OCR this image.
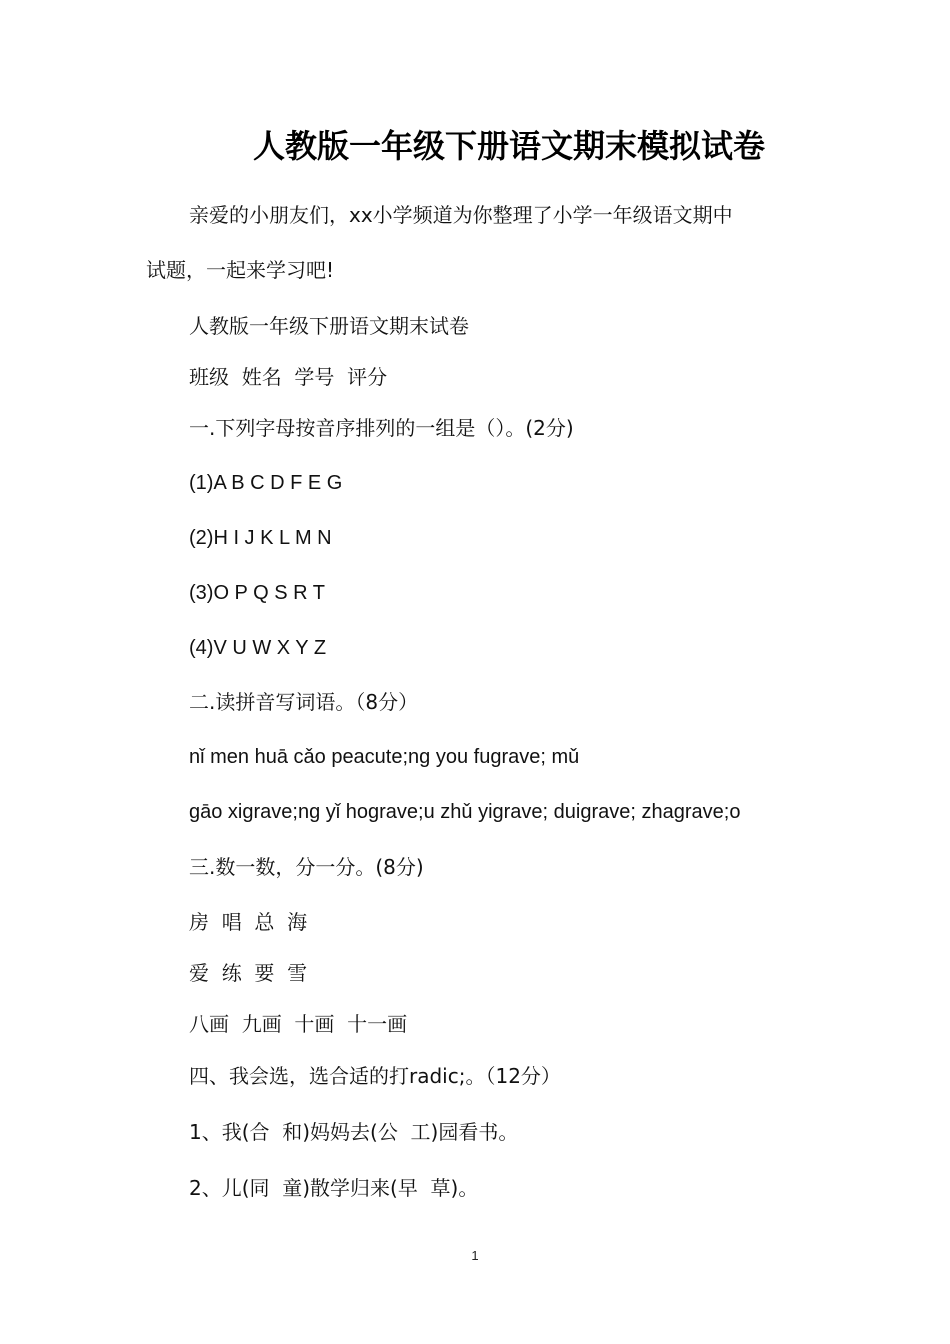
人教版一年级下册语文期末模拟试卷
亲爱的小朋友们，xx小学频道为你整理了小学一年级语文期中
试题，一起来学习吧!
人教版一年级下册语文期末试卷
班级  姓名  学号  评分
一.下列字母按音序排列的一组是（）。(2分)
(1)A B C D F E G
(2)H I J K L M N
(3)O P Q S R T
(4)V U W X Y Z
二.读拼音写词语。（8分）
nǐ men huā cǎo peacute;ng you fugrave; mǔ
gāo xigrave;ng yǐ hograve;u zhǔ yigrave; duigrave; zhagrave;o
三.数一数，分一分。(8分)
房  唱  总  海
爱  练  要  雪
八画  九画  十画  十一画
四、我会选，选合适的打radic;。（12分）
1、我(合  和)妈妈去(公  工)园看书。
2、儿(同  童)散学归来(早  草)。
1
